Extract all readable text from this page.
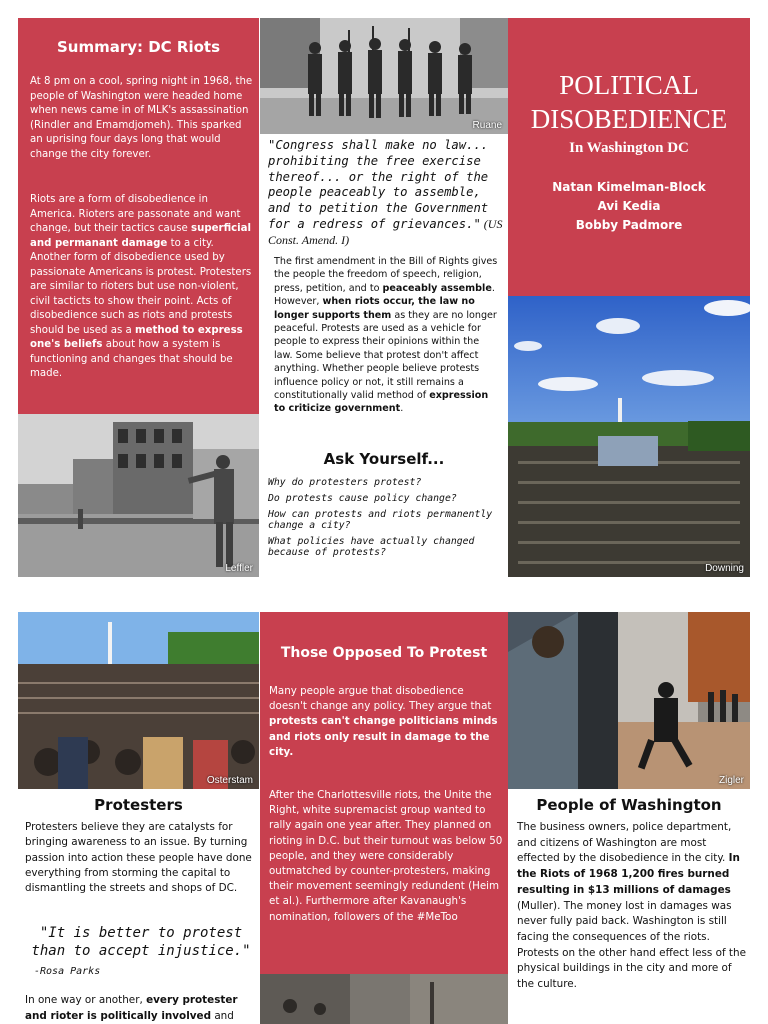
Summary: DC Riots
At 8 pm on a cool, spring night in 1968, the people of Washington were headed home when news came in of MLK's assassination (Rindler and Emamdjomeh). This sparked an uprising four days long that would change the city forever.
Riots are a form of disobedience in America. Rioters are passonate and want change, but their tactics cause superficial and permanant damage to a city. Another form of disobedience used by passionate Americans is protest. Protesters are similar to rioters but use non-violent, civil tacticts to show their point. Acts of disobedience such as riots and protests should be used as a method to express one's beliefs about how a system is functioning and changes that should be made.
Leffler
Ruane
"Congress shall make no law... prohibiting the free exercise thereof... or the right of the people peaceably to assemble, and to petition the Government for a redress of grievances." (US Const. Amend. I)
The first amendment in the Bill of Rights gives the people the freedom of speech, religion, press, petition, and to peaceably assemble. However, when riots occur, the law no longer supports them as they are no longer peaceful. Protests are used as a vehicle for people to express their opinions within the law. Some believe that protest don't affect anything. Whether people believe protests influence policy or not, it still remains a constitutionally valid method of expression to criticize government.
Ask Yourself...
Why do protesters protest?
Do protests cause policy change?
How can protests and riots permanently change a city?
What policies have actually changed because of protests?
POLITICAL
DISOBEDIENCE
In Washington DC
Natan Kimelman-Block
Avi Kedia
Bobby Padmore
Downing
Osterstam
Protesters
Protesters believe they are catalysts for bringing awareness to an issue. By turning passion into action these people have done everything from storming the capital to dismantling the streets and shops of DC.
"It is better to protest
than to accept injustice."
-Rosa Parks
In one way or another, every protester and rioter is politically involved and
Those Opposed To Protest
Many people argue that disobedience doesn't change any policy. They argue that protests can't change politicians minds and riots only result in damage to the city.
After the Charlottesville riots, the Unite the Right, white supremacist group wanted to rally again one year after. They planned on rioting in D.C. but their turnout was below 50 people, and they were considerably outmatched by counter-protesters, making their movement seemingly redundent (Heim et al.). Furthermore after Kavanaugh's nomination, followers of the #MeToo
Zigler
People of Washington
The business owners, police department, and citizens of Washington are most effected by the disobedience in the city. In the Riots of 1968 1,200 fires burned resulting in $13 millions of damages (Muller). The money lost in damages was never fully paid back. Washington is still facing the consequences of the riots. Protests on the other hand effect less of the physical buildings in the city and more of the culture.
